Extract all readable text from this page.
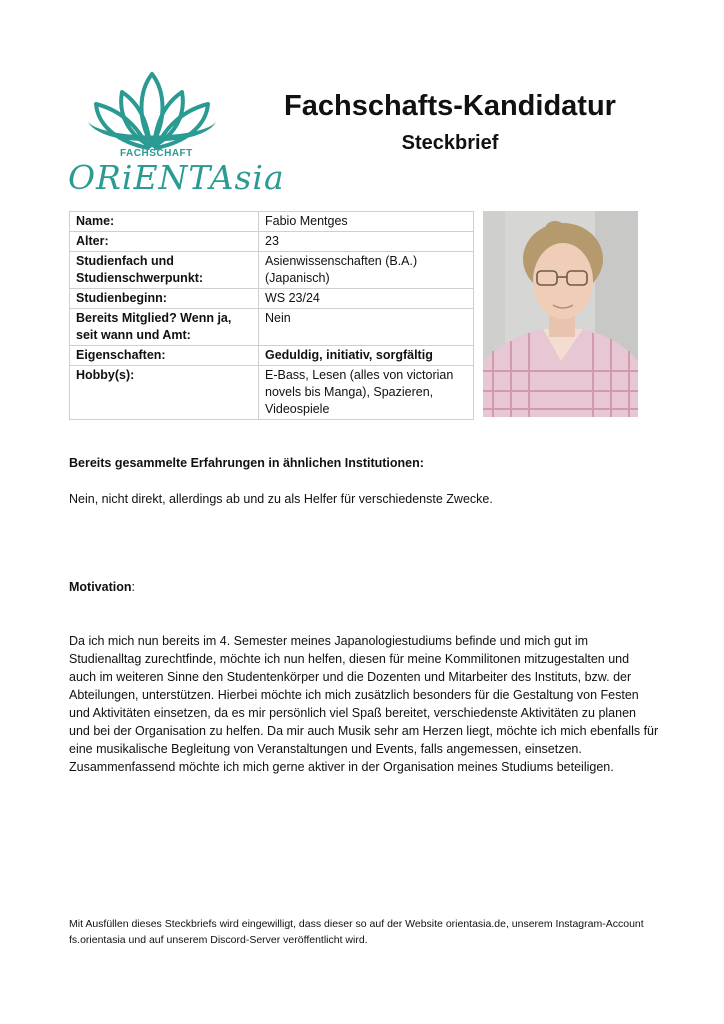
FACHSCHAFT
ORiENTAsia
Fachschafts-Kandidatur
Steckbrief
Name:	Fabio Mentges
Alter:	23
Studienfach und Studienschwerpunkt:	Asienwissenschaften (B.A.) (Japanisch)
Studienbeginn:	WS 23/24
Bereits Mitglied? Wenn ja, seit wann und Amt:	Nein
Eigenschaften:	Geduldig, initiativ, sorgfältig
Hobby(s):	E-Bass, Lesen (alles von victorian novels bis Manga), Spazieren, Videospiele
Bereits gesammelte Erfahrungen in ähnlichen Institutionen:
Nein, nicht direkt, allerdings ab und zu als Helfer für verschiedenste Zwecke.
Motivation:
Da ich mich nun bereits im 4. Semester meines Japanologiestudiums befinde und mich gut im Studienalltag zurechtfinde, möchte ich nun helfen, diesen für meine Kommilitonen mitzugestalten und auch im weiteren Sinne den Studentenkörper und die Dozenten und Mitarbeiter des Instituts, bzw. der Abteilungen, unterstützen. Hierbei möchte ich mich zusätzlich besonders für die Gestaltung von Festen und Aktivitäten einsetzen, da es mir persönlich viel Spaß bereitet, verschiedenste Aktivitäten zu planen und bei der Organisation zu helfen. Da mir auch Musik sehr am Herzen liegt, möchte ich mich ebenfalls für eine musikalische Begleitung von Veranstaltungen und Events, falls angemessen, einsetzen. Zusammenfassend möchte ich mich gerne aktiver in der Organisation meines Studiums beteiligen.
Mit Ausfüllen dieses Steckbriefs wird eingewilligt, dass dieser so auf der Website orientasia.de, unserem Instagram-Account fs.orientasia und auf unserem Discord-Server veröffentlicht wird.
